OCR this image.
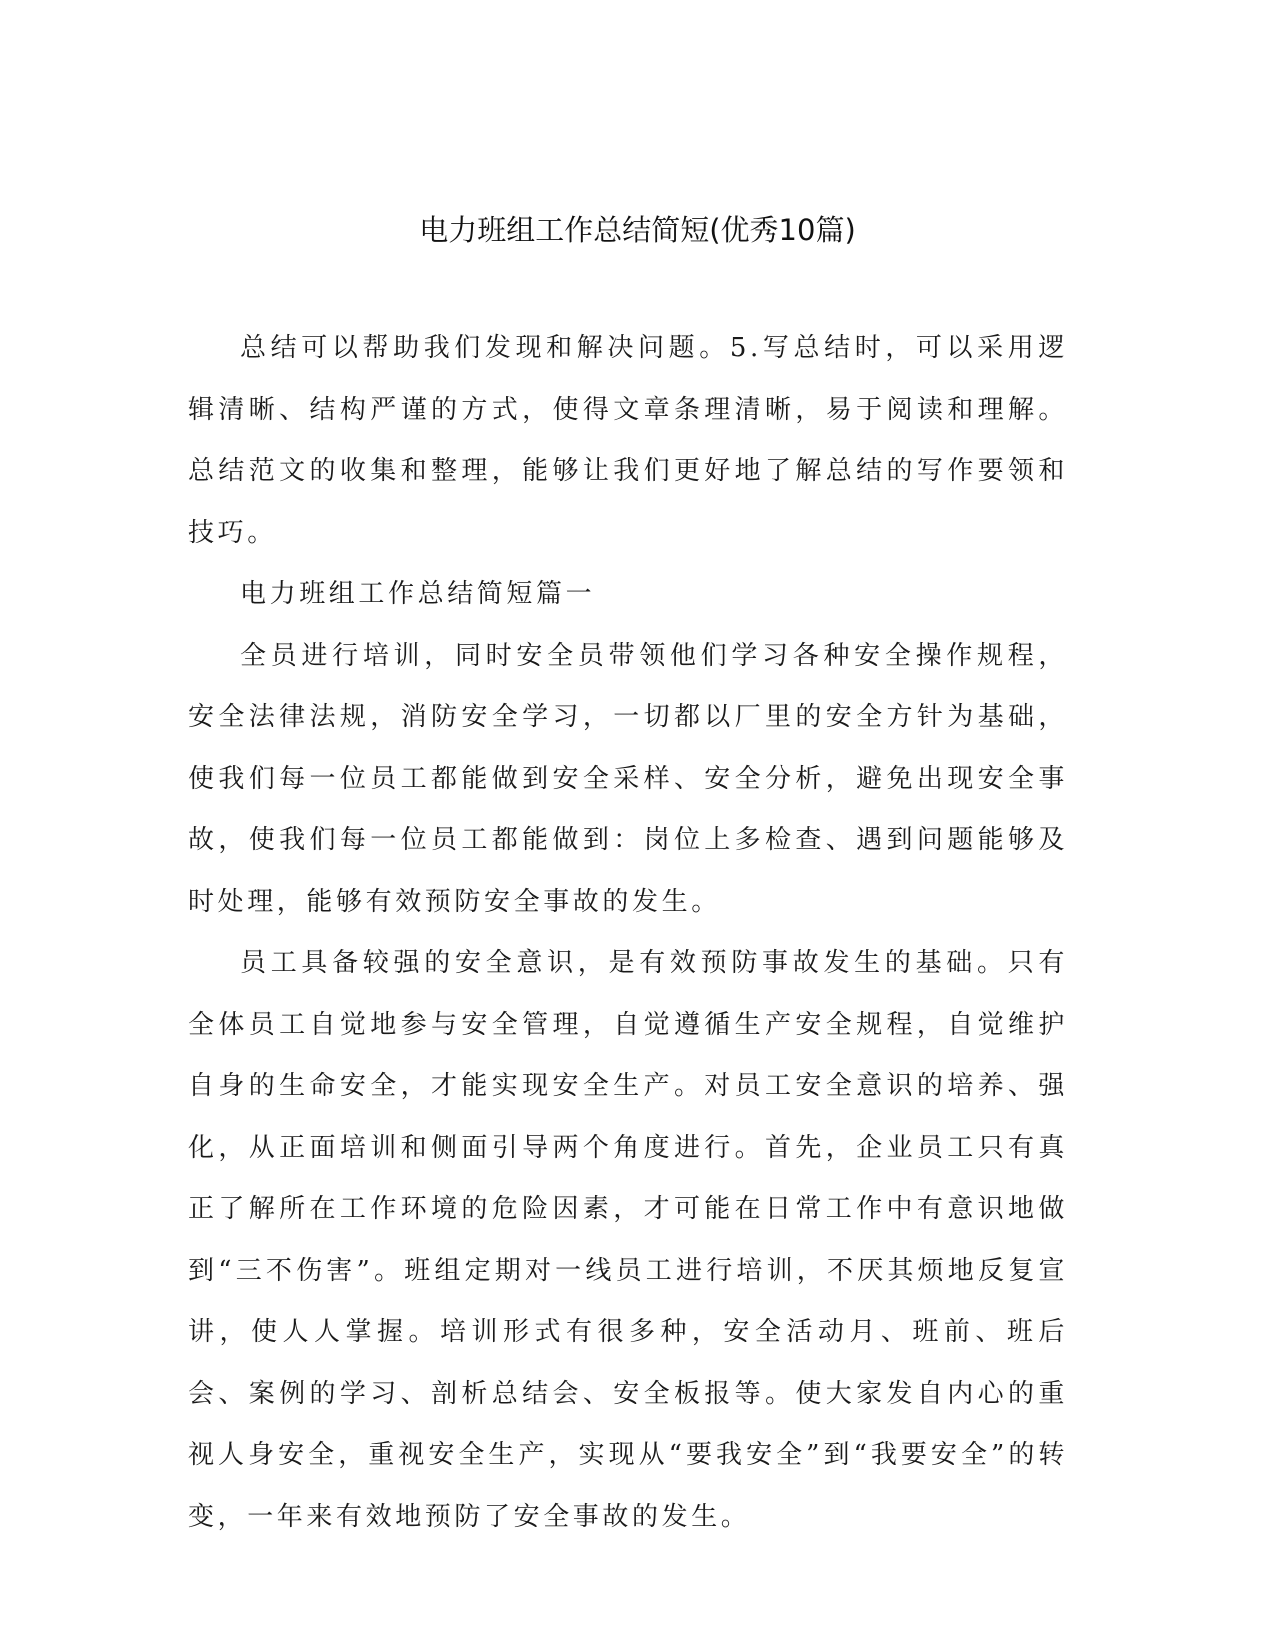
电力班组工作总结简短(优秀10篇)

总结可以帮助我们发现和解决问题。5.写总结时，可以采用逻辑清晰、结构严谨的方式，使得文章条理清晰，易于阅读和理解。总结范文的收集和整理，能够让我们更好地了解总结的写作要领和技巧。

电力班组工作总结简短篇一

全员进行培训，同时安全员带领他们学习各种安全操作规程，安全法律法规，消防安全学习，一切都以厂里的安全方针为基础，使我们每一位员工都能做到安全采样、安全分析，避免出现安全事故，使我们每一位员工都能做到：岗位上多检查、遇到问题能够及时处理，能够有效预防安全事故的发生。

员工具备较强的安全意识，是有效预防事故发生的基础。只有全体员工自觉地参与安全管理，自觉遵循生产安全规程，自觉维护自身的生命安全，才能实现安全生产。对员工安全意识的培养、强化，从正面培训和侧面引导两个角度进行。首先，企业员工只有真正了解所在工作环境的危险因素，才可能在日常工作中有意识地做到“三不伤害”。班组定期对一线员工进行培训，不厌其烦地反复宣讲，使人人掌握。培训形式有很多种，安全活动月、班前、班后会、案例的学习、剖析总结会、安全板报等。使大家发自内心的重视人身安全，重视安全生产，实现从“要我安全”到“我要安全”的转变，一年来有效地预防了安全事故的发生。
